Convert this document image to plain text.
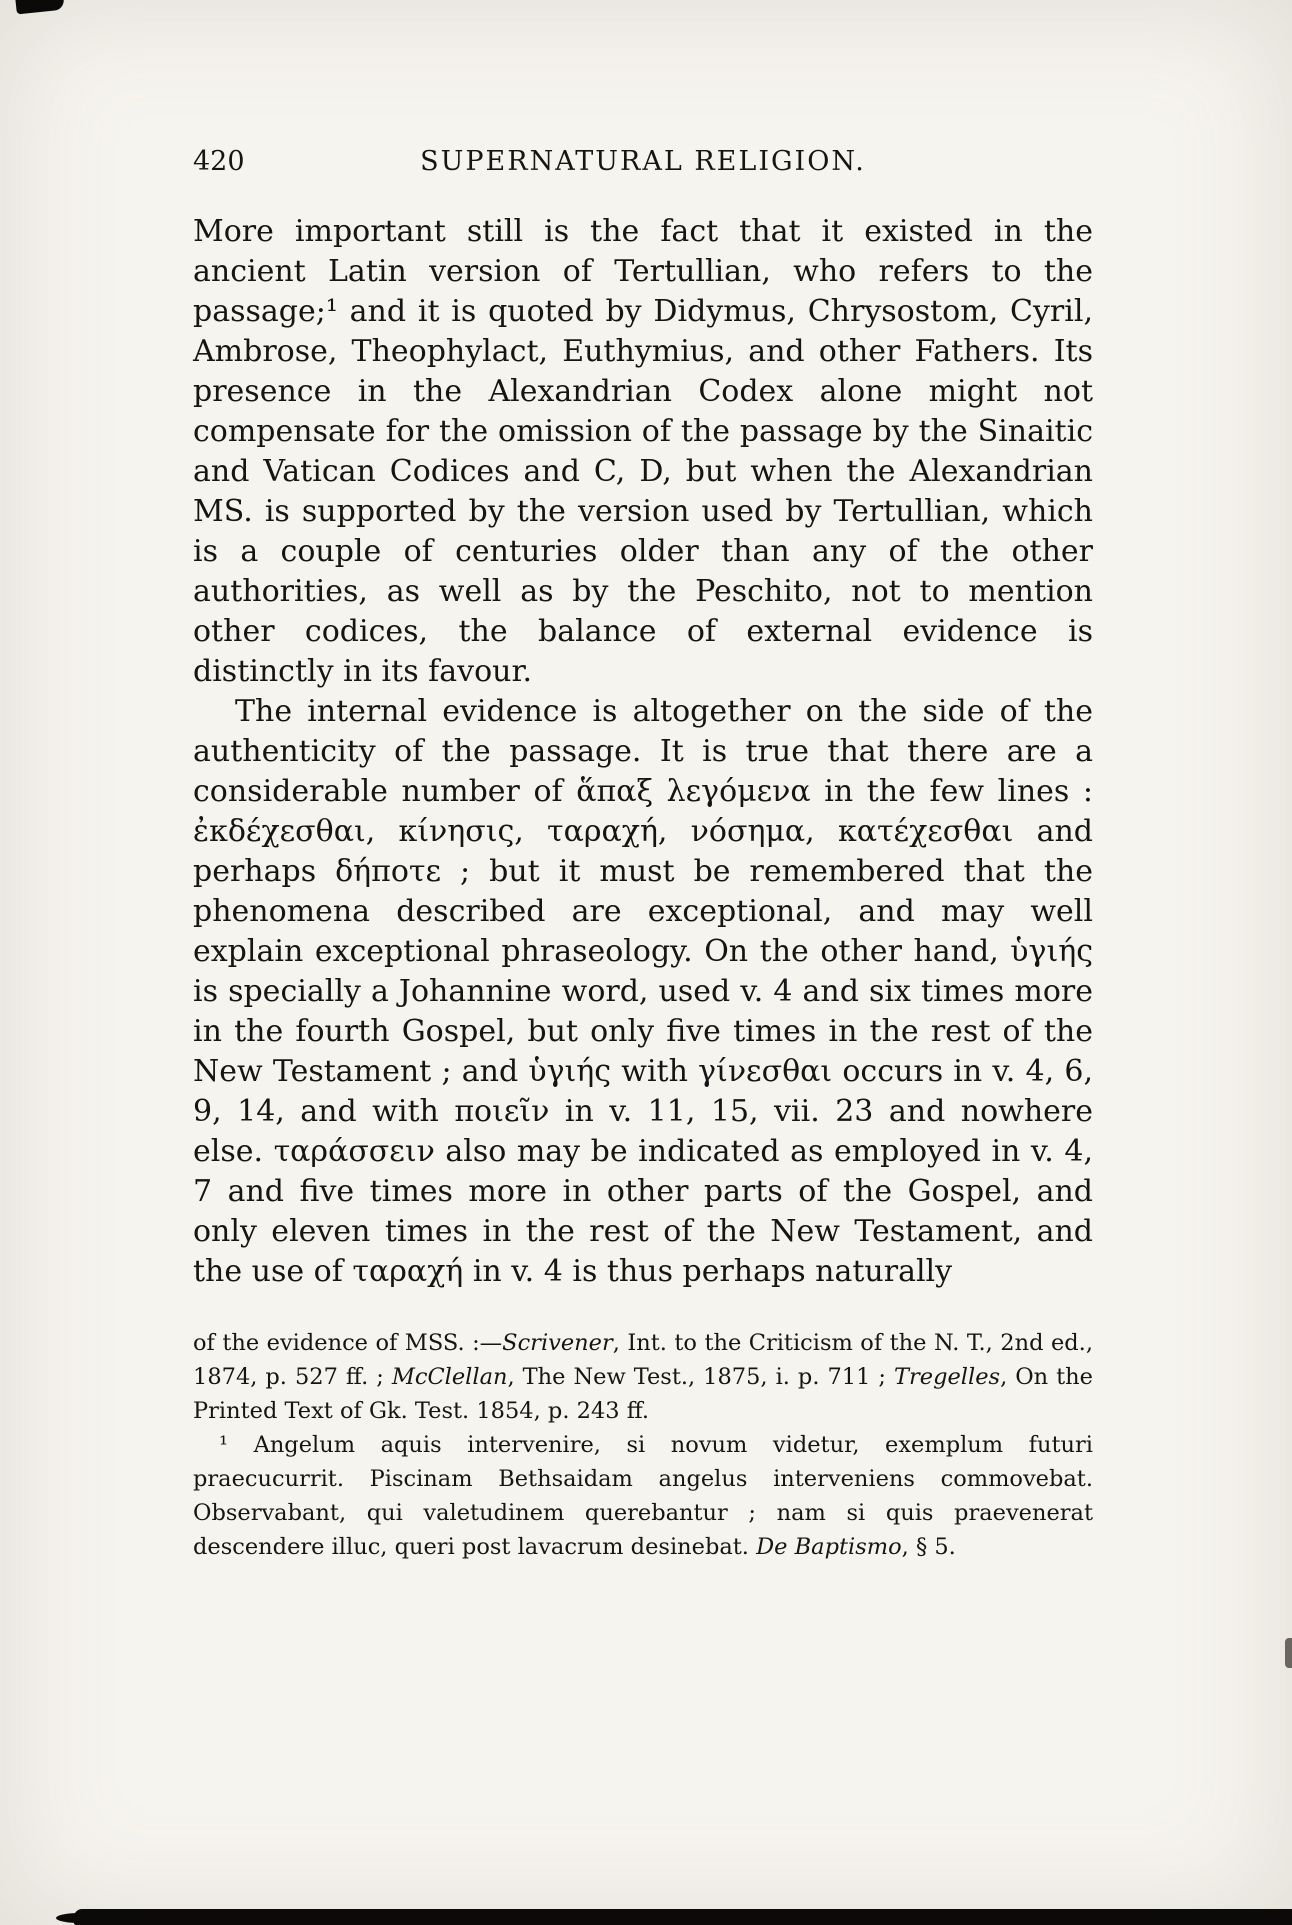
420	SUPERNATURAL RELIGION.

More important still is the fact that it existed in the ancient Latin version of Tertullian, who refers to the passage;¹ and it is quoted by Didymus, Chrysostom, Cyril, Ambrose, Theophylact, Euthymius, and other Fathers. Its presence in the Alexandrian Codex alone might not compensate for the omission of the passage by the Sinaitic and Vatican Codices and C, D, but when the Alexandrian MS. is supported by the version used by Tertullian, which is a couple of centuries older than any of the other authorities, as well as by the Peschito, not to mention other codices, the balance of external evidence is distinctly in its favour.

The internal evidence is altogether on the side of the authenticity of the passage. It is true that there are a considerable number of ἅπαξ λεγόμενα in the few lines : ἐκδέχεσθαι, κίνησις, ταραχή, νόσημα, κατέχεσθαι and perhaps δήποτε ; but it must be remembered that the phenomena described are exceptional, and may well explain exceptional phraseology. On the other hand, ὑγιής is specially a Johannine word, used v. 4 and six times more in the fourth Gospel, but only five times in the rest of the New Testament ; and ὑγιής with γίνεσθαι occurs in v. 4, 6, 9, 14, and with ποιεῖν in v. 11, 15, vii. 23 and nowhere else. ταράσσειν also may be indicated as employed in v. 4, 7 and five times more in other parts of the Gospel, and only eleven times in the rest of the New Testament, and the use of ταραχή in v. 4 is thus perhaps naturally

of the evidence of MSS. :—Scrivener, Int. to the Criticism of the N. T., 2nd ed., 1874, p. 527 ff. ; McClellan, The New Test., 1875, i. p. 711 ; Tregelles, On the Printed Text of Gk. Test. 1854, p. 243 ff.

¹ Angelum aquis intervenire, si novum videtur, exemplum futuri praecucurrit. Piscinam Bethsaidam angelus interveniens commovebat. Observabant, qui valetudinem querebantur ; nam si quis praevenerat descendere illuc, queri post lavacrum desinebat. De Baptismo, § 5.
